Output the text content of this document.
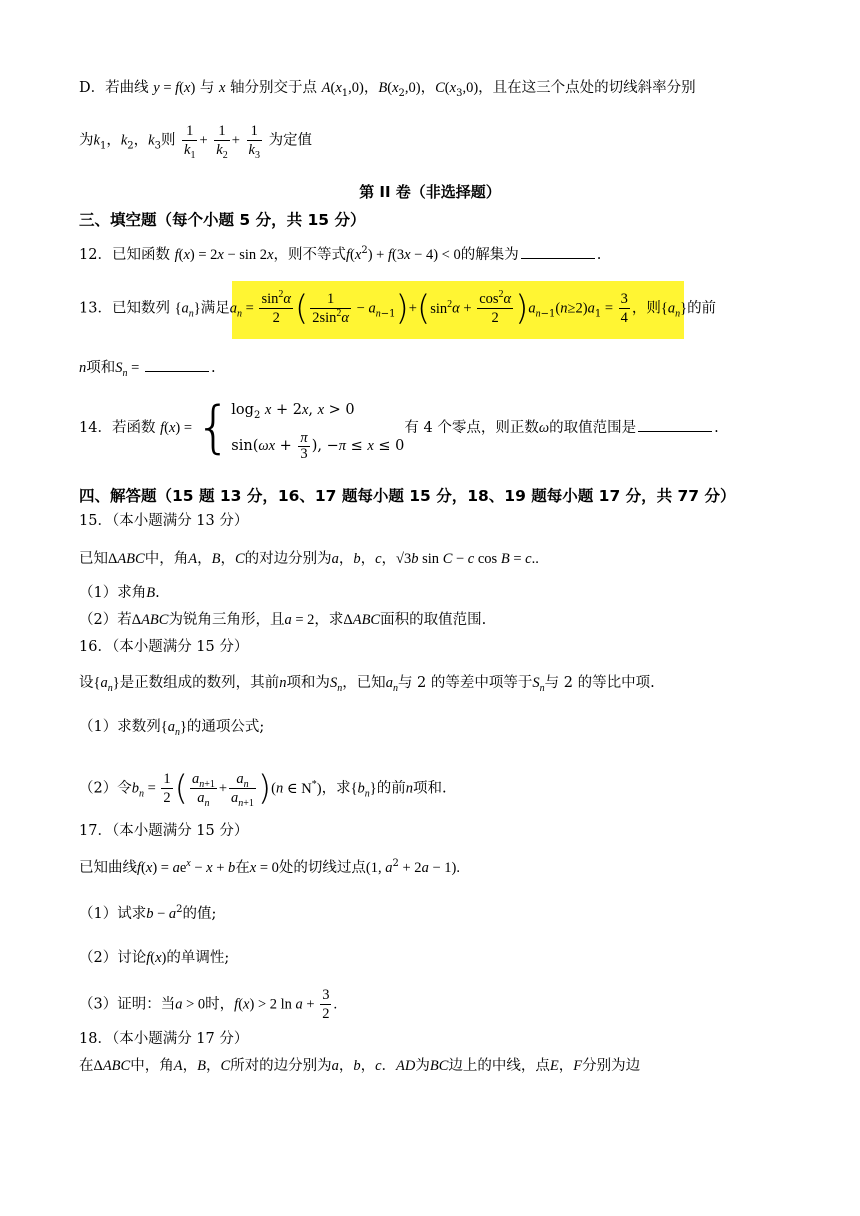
D．若曲线 y = f(x) 与 x 轴分别交于点 $A(x_1,0)$，$B(x_2,0)$，$C(x_3,0)$，且在这三个点处的切线斜率分别
为$k_1$，$k_2$，$k_3$则 $\frac{1}{k_1} + \frac{1}{k_2} + \frac{1}{k_3}$ 为定值
第 II 卷（非选择题）
三、填空题（每个小题 5 分，共 15 分）
12．已知函数 f(x) = 2x − sin 2x，则不等式$f(x^2) + f(3x - 4) < 0$的解集为	.
13．已知数列 $\{a_n\}$满足$a_n = \frac{\sin^2\alpha}{2}$ ( $\frac{1}{2\sin^2\alpha} - a_{n-1})+(\sin^2\alpha + \frac{\cos^2\alpha}{2} )a_{n-1}(n\ge 2)a_1 = \frac{3}{4}$ ，则$\{a_n\}$的前
n项和$S_n$ =	.
14．若函数 f(x) = { $\log_2 x + 2x$, x > 0
$\sin(\omega x + \frac{\pi}{3}$ ), −π ≤ x ≤ 0
有 4 个零点，则正数ω的取值范围是	.
四、解答题（15 题 13 分，16、17 题每小题 15 分，18、19 题每小题 17 分，共 77 分）
15．（本小题满分 13 分）
已知ΔABC中，角A，B，C的对边分别为a，b，c，√3b sin C − c cos B = c..
（1）求角B.
（2）若ΔABC为锐角三角形，且a = 2，求ΔABC面积的取值范围.
16．（本小题满分 15 分）
设$\{a_n\}$是正数组成的数列，其前n项和为$S_n$，已知$a_n$与 2 的等差中项等于$S_n$与 2 的等比中项.
（1）求数列$\{a_n\}$的通项公式;
（2）令$b_n = \frac{1}{2}$ ( $\frac{a_{n+1}}{a_n} + \frac{a_n}{a_{n+1}} )(n$ ∈ N*)，求$\{b_n\}$的前n项和.
17．（本小题满分 15 分）
已知曲线$f(x) = ae^x - x + b$在x = 0处的切线过点(1, $a^2 + 2a - 1$).
（1）试求$b - a^2$的值;
（2）讨论f(x)的单调性;
（3）证明：当a > 0时，f(x) > 2 $\ln a + \frac{3}{2}$ .
18．（本小题满分 17 分）
在ΔABC中，角A，B，C所对的边分别为a，b，c．AD为BC边上的中线，点E，F分别为边
